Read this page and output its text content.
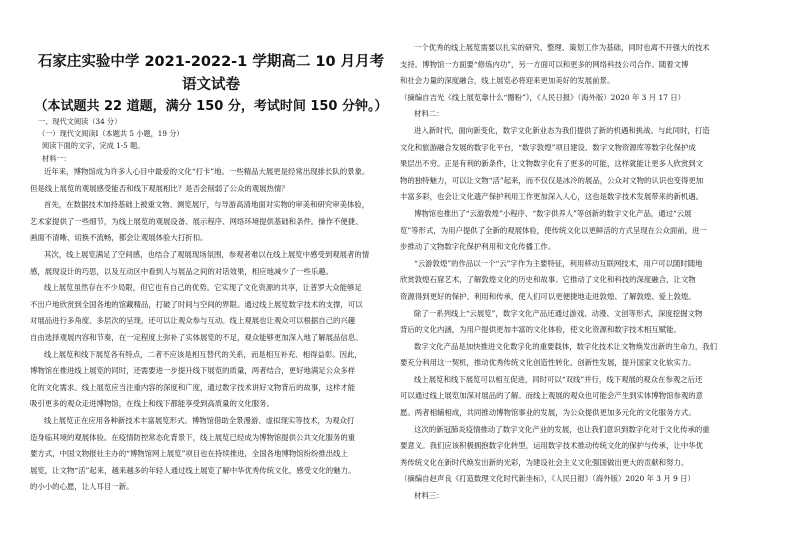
石家庄实验中学 2021-2022-1 学期高二 10 月月考
语文试卷
（本试题共 22 道题，满分 150 分，考试时间 150 分钟。）
一、现代文阅读（34 分）
（一）现代文阅读Ⅰ（本题共 5 小题，19 分）
阅读下面的文字，完成 1-5 题。
材料一：
近年来，博物馆成为许多人心目中最爱的文化“打卡”地。一些精品大展更是经常出现排长队的景象。
但是线上展览的观展感受能否和线下观展相比？是否会削弱了公众的观展热情？
首先，在数据技术加持基础上被重文物、测览展厅，与导游高清地面对实物的审美和研究审美体验，
艺术家提供了一些细节，为线上展览的观展设备、展示程序、网络环境提供基础和条件。操作不便捷、
画面不清晰、切换不流畅，都会让观展体验大打折扣。
其次，线上展览满足了空间感，也结合了观展现场氛围，参观者难以在线上展览中感受到观展者的情
感，展现设计的巧思，以及互动区中看到人与展品之间的对话效果，相应地减少了一些乐趣。
线上展览虽然存在不少局限，但它也有自己的优势。它实现了文化资源的共享，让普罗大众能够足
不出户地欣赏到全国各地的馆藏精品，打破了时间与空间的界限。通过线上展览数字技术的支撑，可以
对展品进行多角度、多层次的呈现，还可以让观众参与互动。线上观展也让观众可以根据自己的兴趣
自由选择观展内容和节奏，在一定程度上弥补了实体展览的不足，观众能够更加深入地了解展品信息。
线上展览和线下展览各有特点，二者不应该是相互替代的关系，而是相互补充、相得益彰。因此，
博物馆在推进线上展览的同时，还需要进一步提升线下展览的质量，两者结合，更好地满足公众多样
化的文化需求。线上展览应当注重内容的深度和广度，通过数字技术讲好文物背后的故事，这样才能
吸引更多的观众走进博物馆，在线上和线下都能享受到高质量的文化服务。
线上展览正在应用各种新技术丰富展览形式。博物馆借助全景漫游、虚拟现实等技术，为观众打
造身临其境的观展体验。在疫情防控常态化背景下，线上展览已经成为博物馆提供公共文化服务的重
要方式，中国文物报社主办的“博物馆网上展览”项目也在持续推进，全国各地博物馆纷纷推出线上
展览，让文物“活”起来，越来越多的年轻人通过线上展览了解中华优秀传统文化，感受文化的魅力。
的小小的心愿，让人耳目一新。
一个优秀的线上展览需要以扎实的研究、整理、策划工作为基础，同时也离不开强大的技术
支持。博物馆一方面要“修炼内功”，另一方面可以和更多的网络科技公司合作。随着文博
和社会力量的深度融合，线上展览必将迎来更加美好的发展前景。
（摘编自吉光《线上展览靠什么“圈粉”》，《人民日报》（海外版）2020 年 3 月 17 日）
材料二：
进入新时代，面向新变化，数字文化新业态为我们提供了新的机遇和挑战。与此同时，打造
文化和旅游融合发展的数字化平台，“数字敦煌”项目建设、数字文物资源库等数字化保护成
果层出不穷。正是有利的新条件，让文物数字化有了更多的可能，这样就能让更多人欣赏到文
物的独特魅力，可以让文物“活”起来，而不仅仅是冰冷的展品，公众对文物的认识也变得更加
丰富多彩，也会让文化遗产保护利用工作更加深入人心，这也是数字技术发展带来的新机遇。
博物馆也推出了“云游敦煌”小程序、“数字供养人”等创新的数字文化产品，通过“云展
览”等形式，为用户提供了全新的观展体验，使传统文化以更鲜活的方式呈现在公众面前，进一
步推动了文物数字化保护利用和文化传播工作。
“云游敦煌”的作品以一个“云”字作为主要特征，利用移动互联网技术，用户可以随时随地
欣赏敦煌石窟艺术，了解敦煌文化的历史和故事。它推动了文化和科技的深度融合，让文物
资源得到更好的保护、利用和传承，使人们可以更便捷地走进敦煌、了解敦煌、爱上敦煌。
除了一系列线上“云展览”，数字文化产品还通过游戏、动漫、文创等形式，深度挖掘文物
背后的文化内涵，为用户提供更加丰富的文化体验，使文化资源和数字技术相互赋能。
数字文化产品是加快推进文化数字化的重要载体，数字化技术让文物焕发出新的生命力，我们
要充分利用这一契机，推动优秀传统文化创造性转化、创新性发展，提升国家文化软实力。
线上展览和线下展览可以相互促进，同时可以“双线”并行，线下观展的观众在参观之后还
可以通过线上展览加深对展品的了解。而线上观展的观众也可能会产生到实体博物馆参观的意
愿。两者相辅相成，共同推动博物馆事业的发展，为公众提供更加多元化的文化服务方式。
这次的新冠肺炎疫情推动了数字文化产业的发展，也让我们意识到数字化对于文化传承的重
要意义。我们应该积极拥抱数字化转型，运用数字技术推动传统文化的保护与传承，让中华优
秀传统文化在新时代焕发出新的光彩，为建设社会主义文化强国做出更大的贡献和努力。
（摘编自赵声良《打造数理文化时代新坐标》，《人民日报》（海外版）2020 年 3 月 9 日）
材料三：
